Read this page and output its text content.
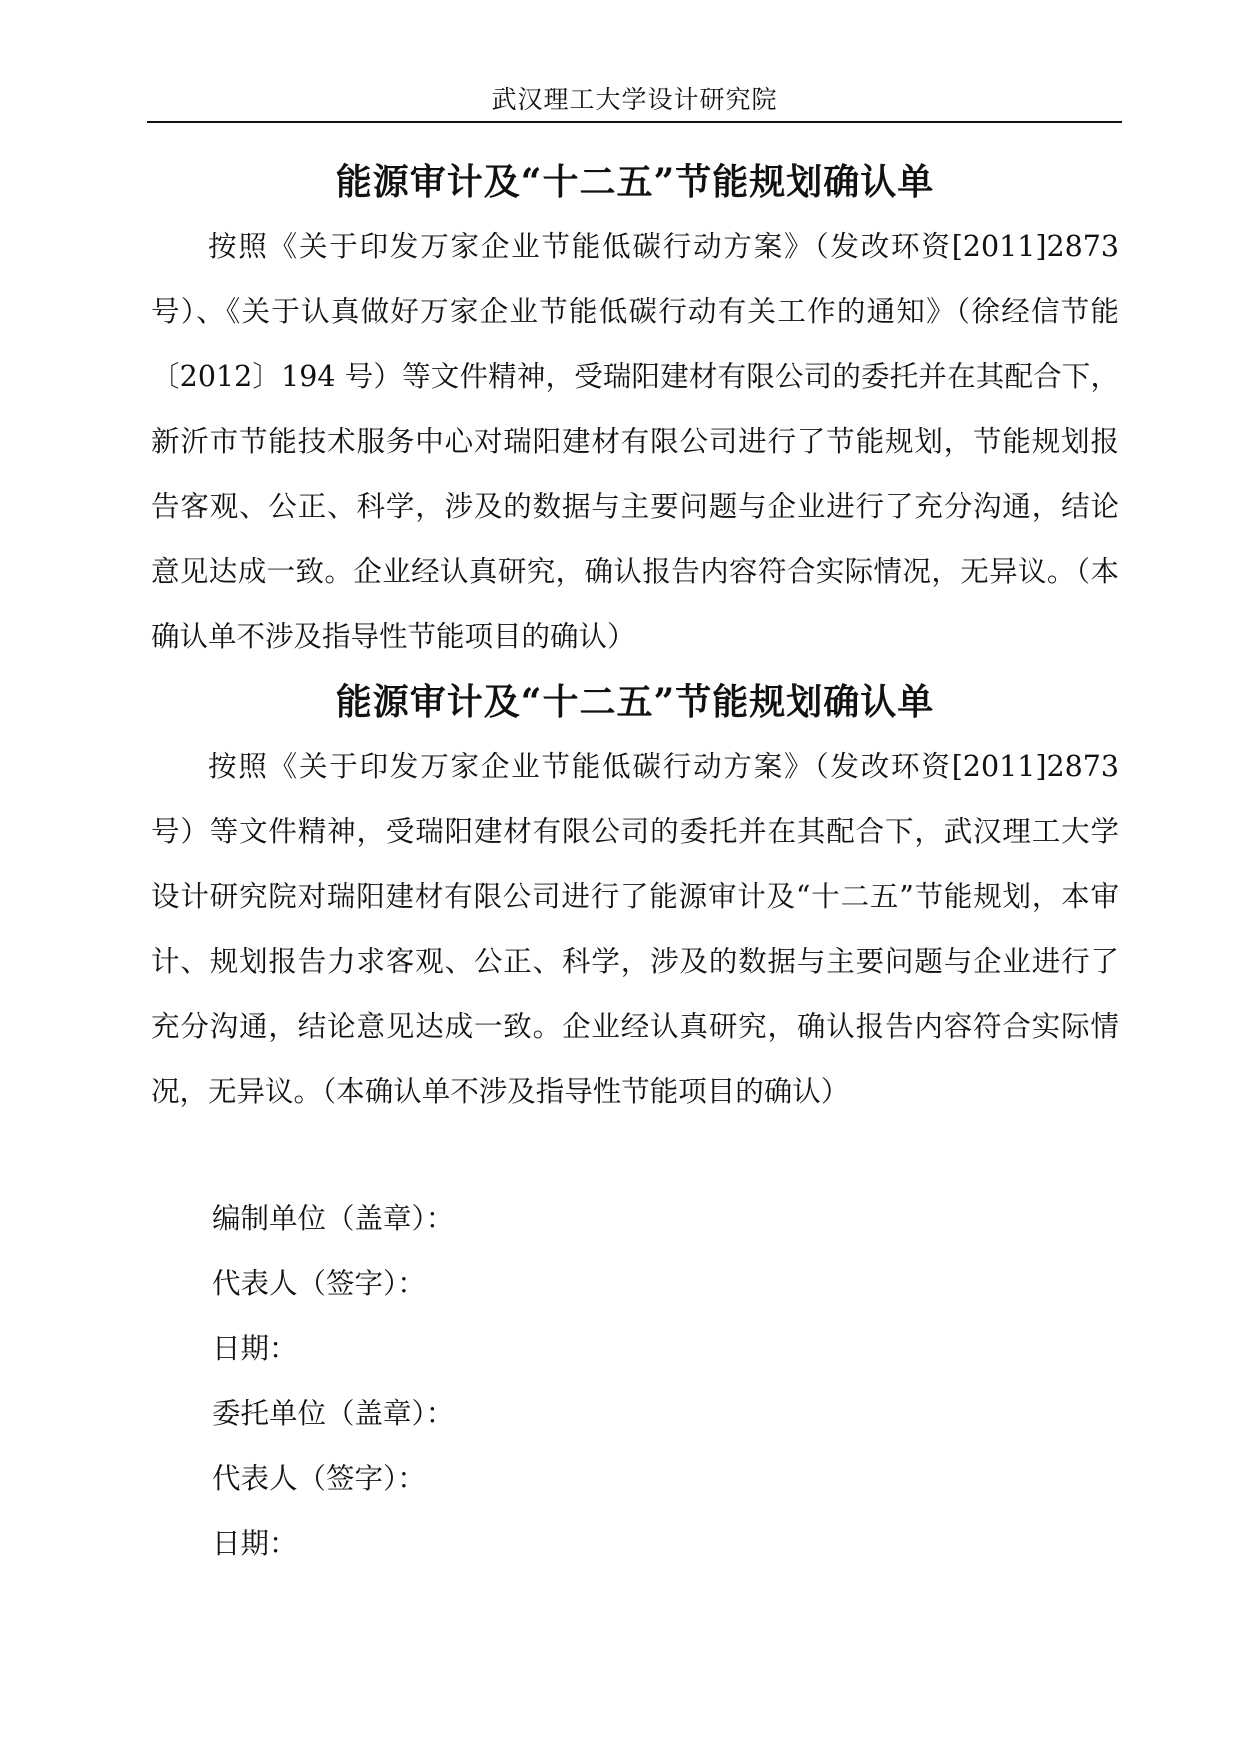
武汉理工大学设计研究院
能源审计及“十二五”节能规划确认单

按照《关于印发万家企业节能低碳行动方案》（发改环资[2011]2873 号）、《关于认真做好万家企业节能低碳行动有关工作的通知》（徐经信节能〔2012〕194 号）等文件精神，受瑞阳建材有限公司的委托并在其配合下，新沂市节能技术服务中心对瑞阳建材有限公司进行了节能规划，节能规划报告客观、公正、科学，涉及的数据与主要问题与企业进行了充分沟通，结论意见达成一致。企业经认真研究，确认报告内容符合实际情况，无异议。（本确认单不涉及指导性节能项目的确认）

能源审计及“十二五”节能规划确认单

按照《关于印发万家企业节能低碳行动方案》（发改环资[2011]2873 号）等文件精神，受瑞阳建材有限公司的委托并在其配合下，武汉理工大学设计研究院对瑞阳建材有限公司进行了能源审计及“十二五”节能规划，本审计、规划报告力求客观、公正、科学，涉及的数据与主要问题与企业进行了充分沟通，结论意见达成一致。企业经认真研究，确认报告内容符合实际情况，无异议。（本确认单不涉及指导性节能项目的确认）

编制单位（盖章）：
代表人（签字）：
日期：
委托单位（盖章）：
代表人（签字）：
日期：
